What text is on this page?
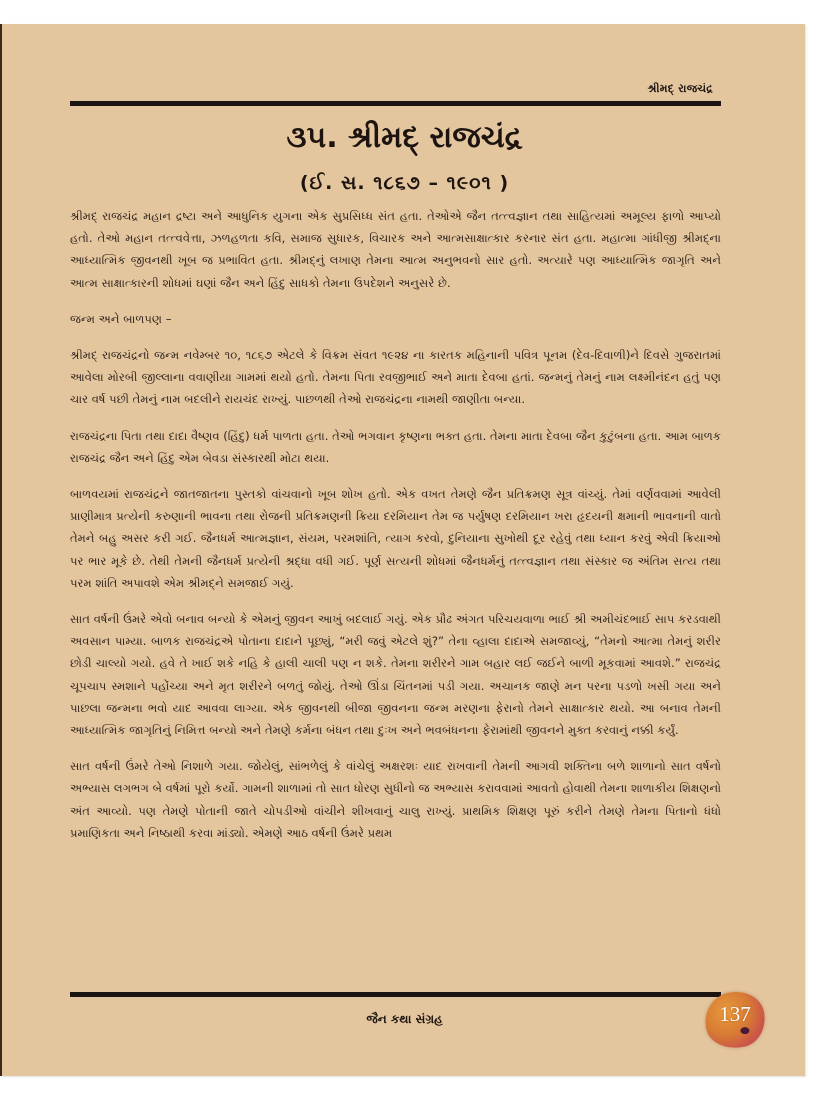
શ્રીમદ્ રાજચંદ્ર
૩૫. શ્રીમદ્ રાજચંદ્ર
(ઈ. સ. ૧૮૬૭ – ૧૯૦૧ )

શ્રીમદ્ રાજચંદ્ર મહાન દ્રષ્ટા અને આધુનિક યુગના એક સુપ્રસિધ્ધ સંત હતા. તેઓએ જૈન તત્ત્વજ્ઞાન તથા સાહિત્યમાં અમૂલ્ય ફાળો આપ્યો હતો. તેઓ મહાન તત્ત્વવેત્તા, ઝળહળતા કવિ, સમાજ સુધારક, વિચારક અને આત્મસાક્ષાત્કાર કરનાર સંત હતા. મહાત્મા ગાંધીજી શ્રીમદ્ના આધ્યાત્મિક જીવનથી ખૂબ જ પ્રભાવિત હતા. શ્રીમદ્નું લખાણ તેમના આત્મ અનુભવનો સાર હતો. અત્યારે પણ આધ્યાત્મિક જાગૃતિ અને આત્મ સાક્ષાત્કારની શોધમાં ઘણાં જૈન અને હિંદુ સાધકો તેમના ઉપદેશને અનુસરે છે.

જન્મ અને બાળપણ –

શ્રીમદ્ રાજચંદ્રનો જન્મ નવેમ્બર ૧૦, ૧૮૬૭ એટલે કે વિક્રમ સંવત ૧૯૨૪ ના કારતક મહિનાની પવિત્ર પૂનમ (દેવ-દિવાળી)ને દિવસે ગુજરાતમાં આવેલા મોરબી જીલ્લાના વવાણીયા ગામમાં થયો હતો. તેમના પિતા રવજીભાઈ અને માતા દેવબા હતાં. જન્મનું તેમનું નામ લક્ષ્મીનંદન હતું પણ ચાર વર્ષ પછી તેમનું નામ બદલીને રાયચંદ રાખ્યું. પાછળથી તેઓ રાજચંદ્રના નામથી જાણીતા બન્યા.

રાજચંદ્રના પિતા તથા દાદા વૈષ્ણવ (હિંદુ) ધર્મ પાળતા હતા. તેઓ ભગવાન કૃષ્ણના ભક્ત હતા. તેમના માતા દેવબા જૈન કુટુંબના હતા. આમ બાળક રાજચંદ્ર જૈન અને હિંદુ એમ બેવડા સંસ્કારથી મોટા થયા.

બાળવયમાં રાજચંદ્રને જાતજાતના પુસ્તકો વાંચવાનો ખૂબ શોખ હતો. એક વખત તેમણે જૈન પ્રતિક્રમણ સૂત્ર વાંચ્યું. તેમાં વર્ણવવામાં આવેલી પ્રાણીમાત્ર પ્રત્યેની કરુણાની ભાવના તથા રોજની પ્રતિક્રમણની ક્રિયા દરમિયાન તેમ જ પર્યુષણ દરમિયાન ખરા હૃદયની ક્ષમાની ભાવનાની વાતો તેમને બહુ અસર કરી ગઈ. જૈનધર્મ આત્મજ્ઞાન, સંયમ, પરમશાંતિ, ત્યાગ કરવો, દુનિયાના સુખોથી દૂર રહેવું તથા ધ્યાન કરવું એવી ક્રિયાઓ પર ભાર મૂકે છે. તેથી તેમની જૈનધર્મ પ્રત્યેની શ્રદ્ધા વધી ગઈ. પૂર્ણ સત્યની શોધમાં જૈનધર્મનું તત્ત્વજ્ઞાન તથા સંસ્કાર જ અંતિમ સત્ય તથા પરમ શાંતિ અપાવશે એમ શ્રીમદ્ને સમજાઈ ગયું.

સાત વર્ષની ઉંમરે એવો બનાવ બન્યો કે એમનું જીવન આખું બદલાઈ ગયું. એક પ્રૌઢ અંગત પરિચયવાળા ભાઈ શ્રી અમીચંદભાઈ સાપ કરડવાથી અવસાન પામ્યા. બાળક રાજચંદ્રએ પોતાના દાદાને પૂછ્યું, “મરી જવું એટલે શું?” તેના વ્હાલા દાદાએ સમજાવ્યું, “તેમનો આત્મા તેમનું શરીર છોડી ચાલ્યો ગયો. હવે તે ખાઈ શકે નહિ કે હાલી ચાલી પણ ન શકે. તેમના શરીરને ગામ બહાર લઈ જઈને બાળી મૂકવામાં આવશે.” રાજચંદ્ર ચૂપચાપ સ્મશાને પહોંચ્યા અને મૃત શરીરને બળતું જોયું. તેઓ ઊંડા ચિંતનમાં પડી ગયા. અચાનક જાણે મન પરના પડળો ખસી ગયા અને પાછલા જન્મના ભવો યાદ આવવા લાગ્યા. એક જીવનથી બીજા જીવનના જન્મ મરણના ફેરાનો તેમને સાક્ષાત્કાર થયો. આ બનાવ તેમની આધ્યાત્મિક જાગૃતિનું નિમિત્ત બન્યો અને તેમણે કર્મના બંધન તથા દુઃખ અને ભવબંધનના ફેરામાંથી જીવનને મુક્ત કરવાનું નક્કી કર્યું.

સાત વર્ષની ઉંમરે તેઓ નિશાળે ગયા. જોયેલું, સાંભળેલું કે વાંચેલું અક્ષરશઃ યાદ રાખવાની તેમની આગવી શક્તિના બળે શાળાનો સાત વર્ષનો અભ્યાસ લગભગ બે વર્ષમાં પૂરો કર્યો. ગામની શાળામાં તો સાત ધોરણ સુધીનો જ અભ્યાસ કરાવવામાં આવતો હોવાથી તેમના શાળાકીય શિક્ષણનો અંત આવ્યો. પણ તેમણે પોતાની જાતે ચોપડીઓ વાંચીને શીખવાનું ચાલુ રાખ્યું. પ્રાથમિક શિક્ષણ પૂરું કરીને તેમણે તેમના પિતાનો ધંધો પ્રમાણિકતા અને નિષ્ઠાથી કરવા માંડ્યો. એમણે આઠ વર્ષની ઉંમરે પ્રથમ

જૈન કથા સંગ્રહ	137
